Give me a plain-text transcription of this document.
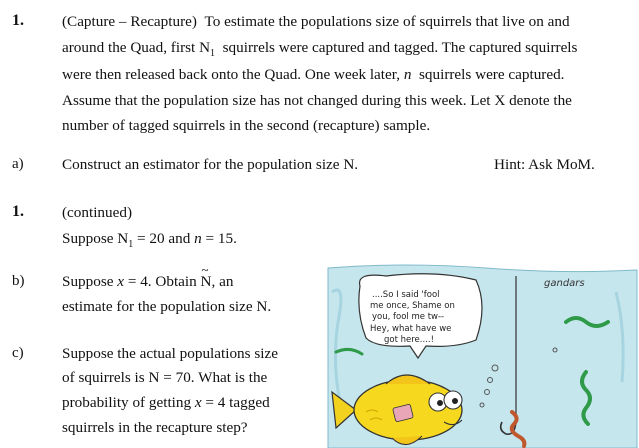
1.	(Capture – Recapture) To estimate the populations size of squirrels that live on and
around the Quad, first $N_1$ squirrels were captured and tagged. The captured squirrels
were then released back onto the Quad. One week later, n squirrels were captured.
Assume that the population size has not changed during this week. Let X denote the
number of tagged squirrels in the second (recapture) sample.
a)	Construct an estimator for the population size N.	Hint: Ask MoM.
1.	(continued)
Suppose $N_1 = 20$ and n = 15.
b) Suppose x = 4. Obtain ~ N, an
estimate for the population size N.
c)	Suppose the actual populations size
of squirrels is N = 70. What is the
probability of getting x = 4 tagged
squirrels in the recapture step?
gandars
....So I said 'fool
me once, Shame on
you, fool me tw--
Hey, what have we
got here....!
